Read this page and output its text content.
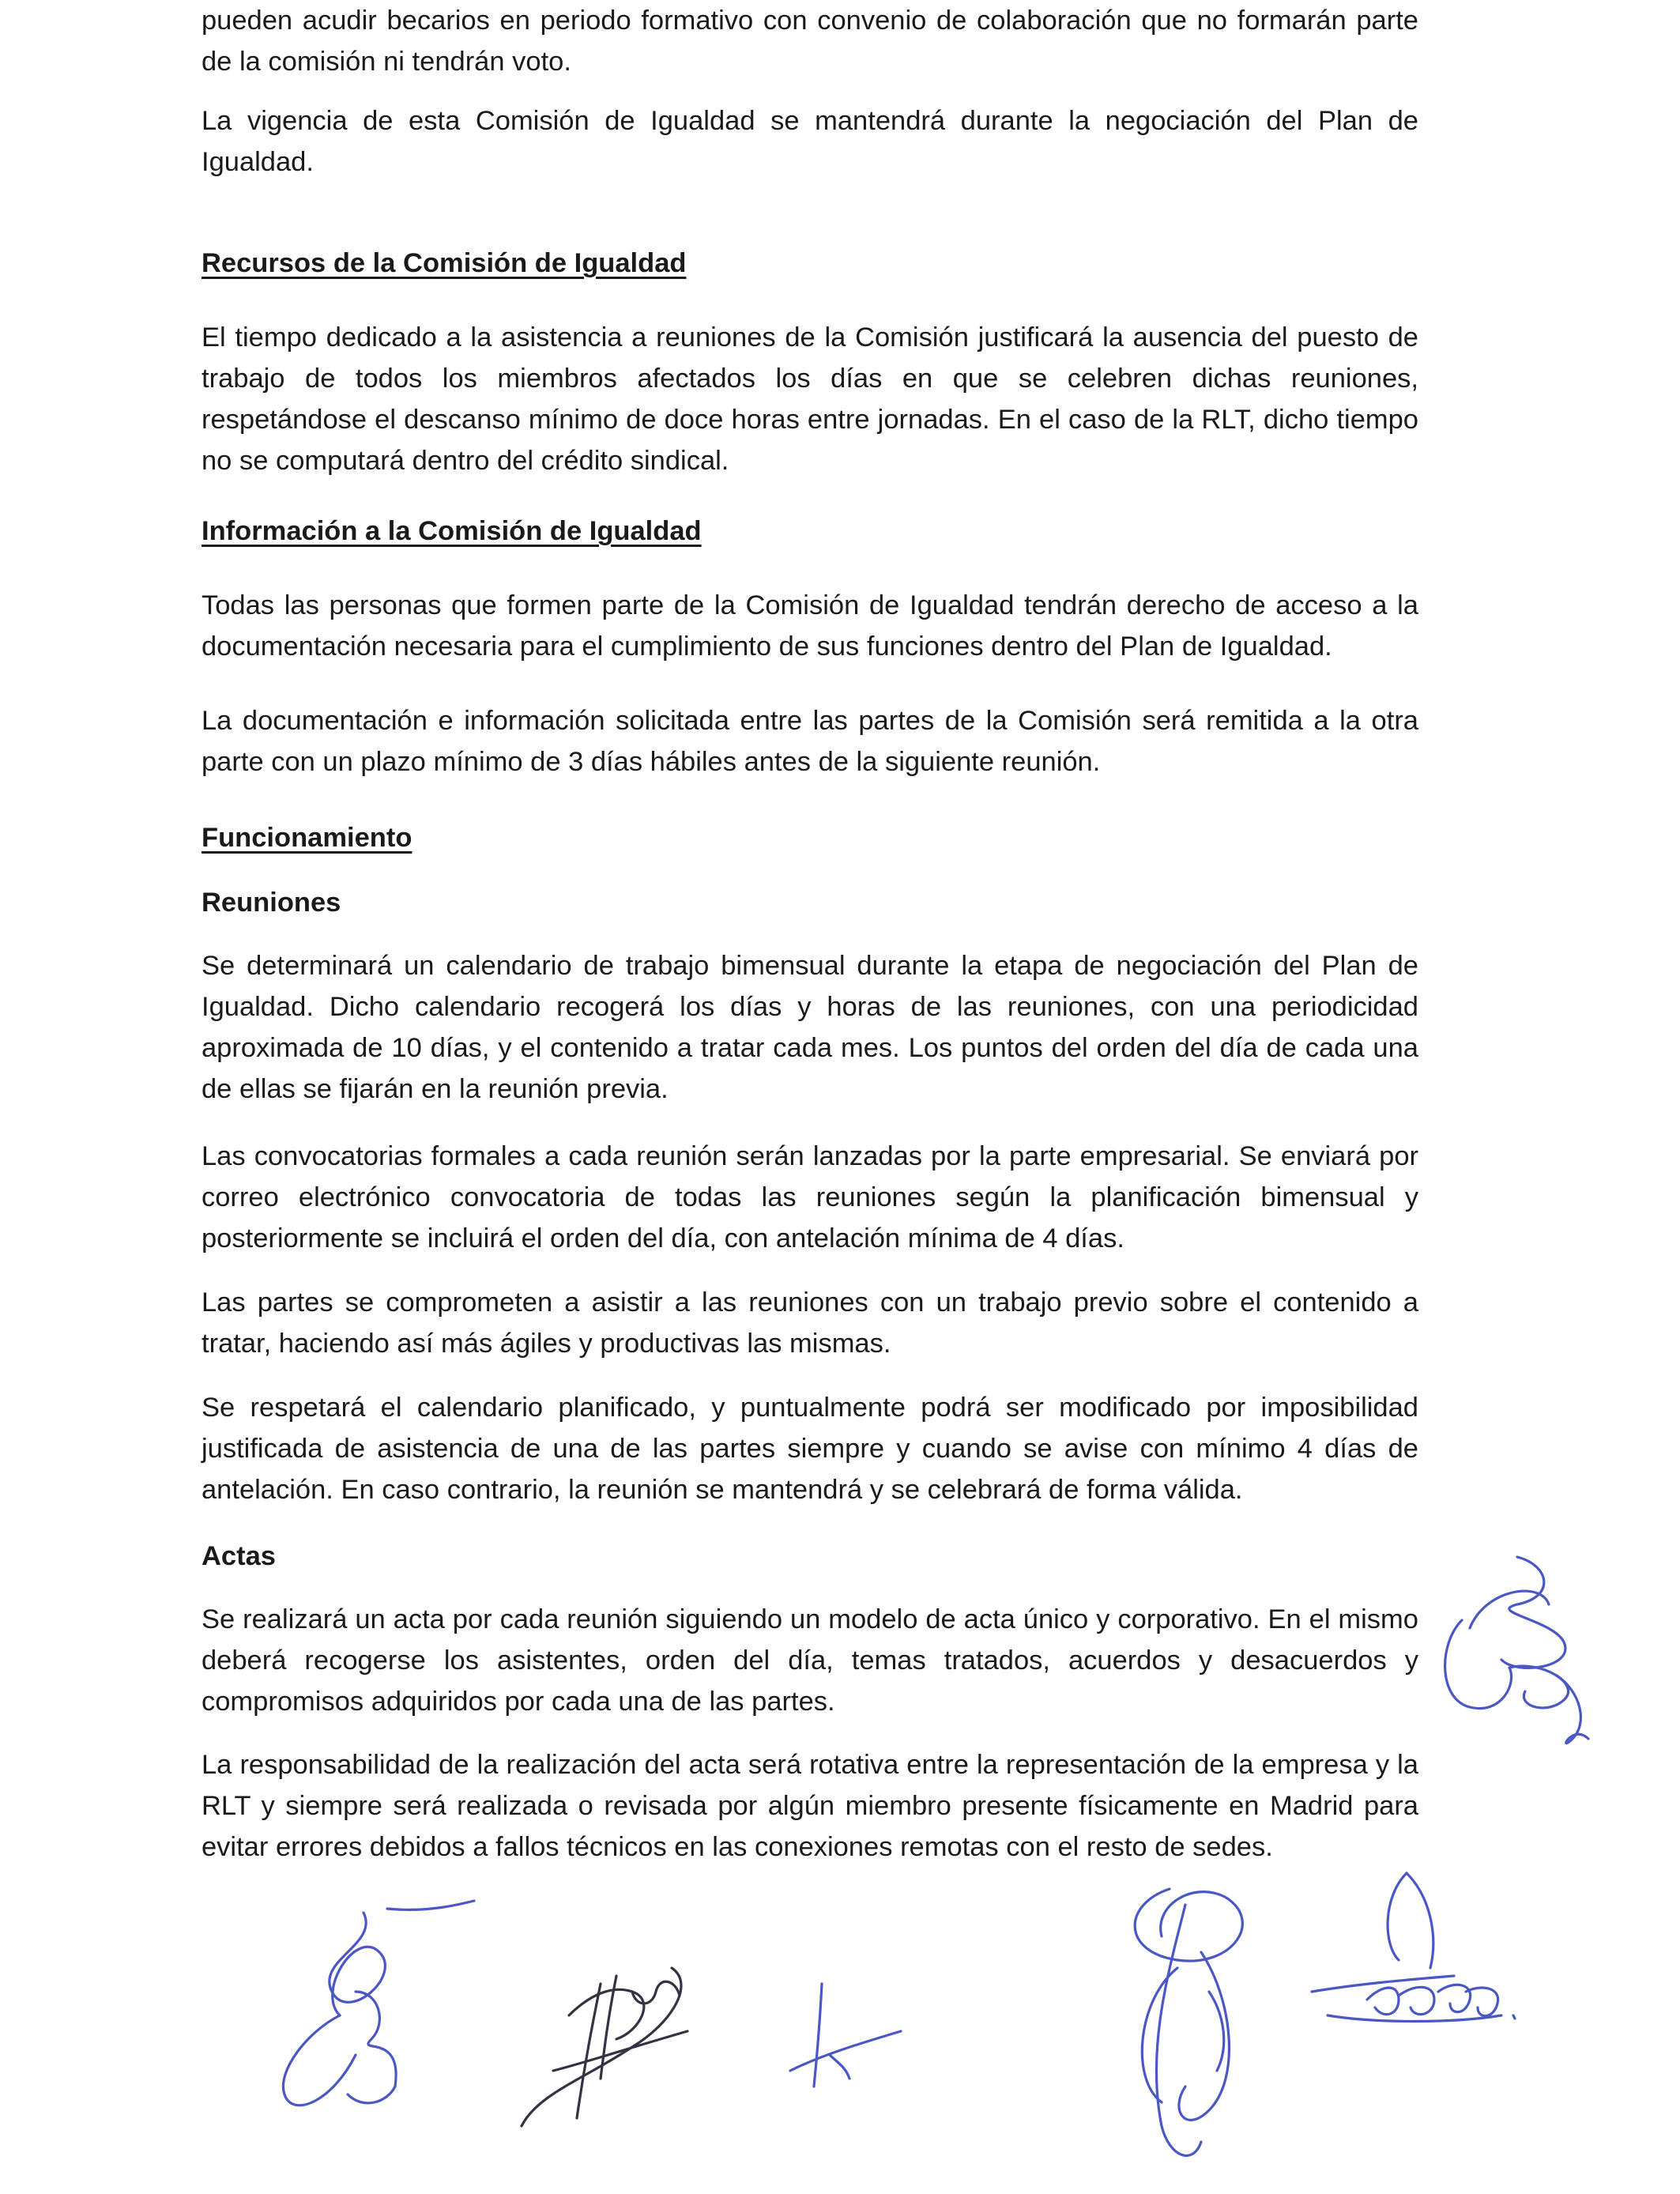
pueden acudir becarios en periodo formativo con convenio de colaboración que no formarán parte de la comisión ni tendrán voto.

La vigencia de esta Comisión de Igualdad se mantendrá durante la negociación del Plan de Igualdad.

Recursos de la Comisión de Igualdad

El tiempo dedicado a la asistencia a reuniones de la Comisión justificará la ausencia del puesto de trabajo de todos los miembros afectados los días en que se celebren dichas reuniones, respetándose el descanso mínimo de doce horas entre jornadas. En el caso de la RLT, dicho tiempo no se computará dentro del crédito sindical.

Información a la Comisión de Igualdad

Todas las personas que formen parte de la Comisión de Igualdad tendrán derecho de acceso a la documentación necesaria para el cumplimiento de sus funciones dentro del Plan de Igualdad.

La documentación e información solicitada entre las partes de la Comisión será remitida a la otra parte con un plazo mínimo de 3 días hábiles antes de la siguiente reunión.

Funcionamiento
Reuniones

Se determinará un calendario de trabajo bimensual durante la etapa de negociación del Plan de Igualdad. Dicho calendario recogerá los días y horas de las reuniones, con una periodicidad aproximada de 10 días, y el contenido a tratar cada mes. Los puntos del orden del día de cada una de ellas se fijarán en la reunión previa.

Las convocatorias formales a cada reunión serán lanzadas por la parte empresarial. Se enviará por correo electrónico convocatoria de todas las reuniones según la planificación bimensual y posteriormente se incluirá el orden del día, con antelación mínima de 4 días.

Las partes se comprometen a asistir a las reuniones con un trabajo previo sobre el contenido a tratar, haciendo así más ágiles y productivas las mismas.

Se respetará el calendario planificado, y puntualmente podrá ser modificado por imposibilidad justificada de asistencia de una de las partes siempre y cuando se avise con mínimo 4 días de antelación. En caso contrario, la reunión se mantendrá y se celebrará de forma válida.

Actas

Se realizará un acta por cada reunión siguiendo un modelo de acta único y corporativo. En el mismo deberá recogerse los asistentes, orden del día, temas tratados, acuerdos y desacuerdos y compromisos adquiridos por cada una de las partes.

La responsabilidad de la realización del acta será rotativa entre la representación de la empresa y la RLT y siempre será realizada o revisada por algún miembro presente físicamente en Madrid para evitar errores debidos a fallos técnicos en las conexiones remotas con el resto de sedes.
